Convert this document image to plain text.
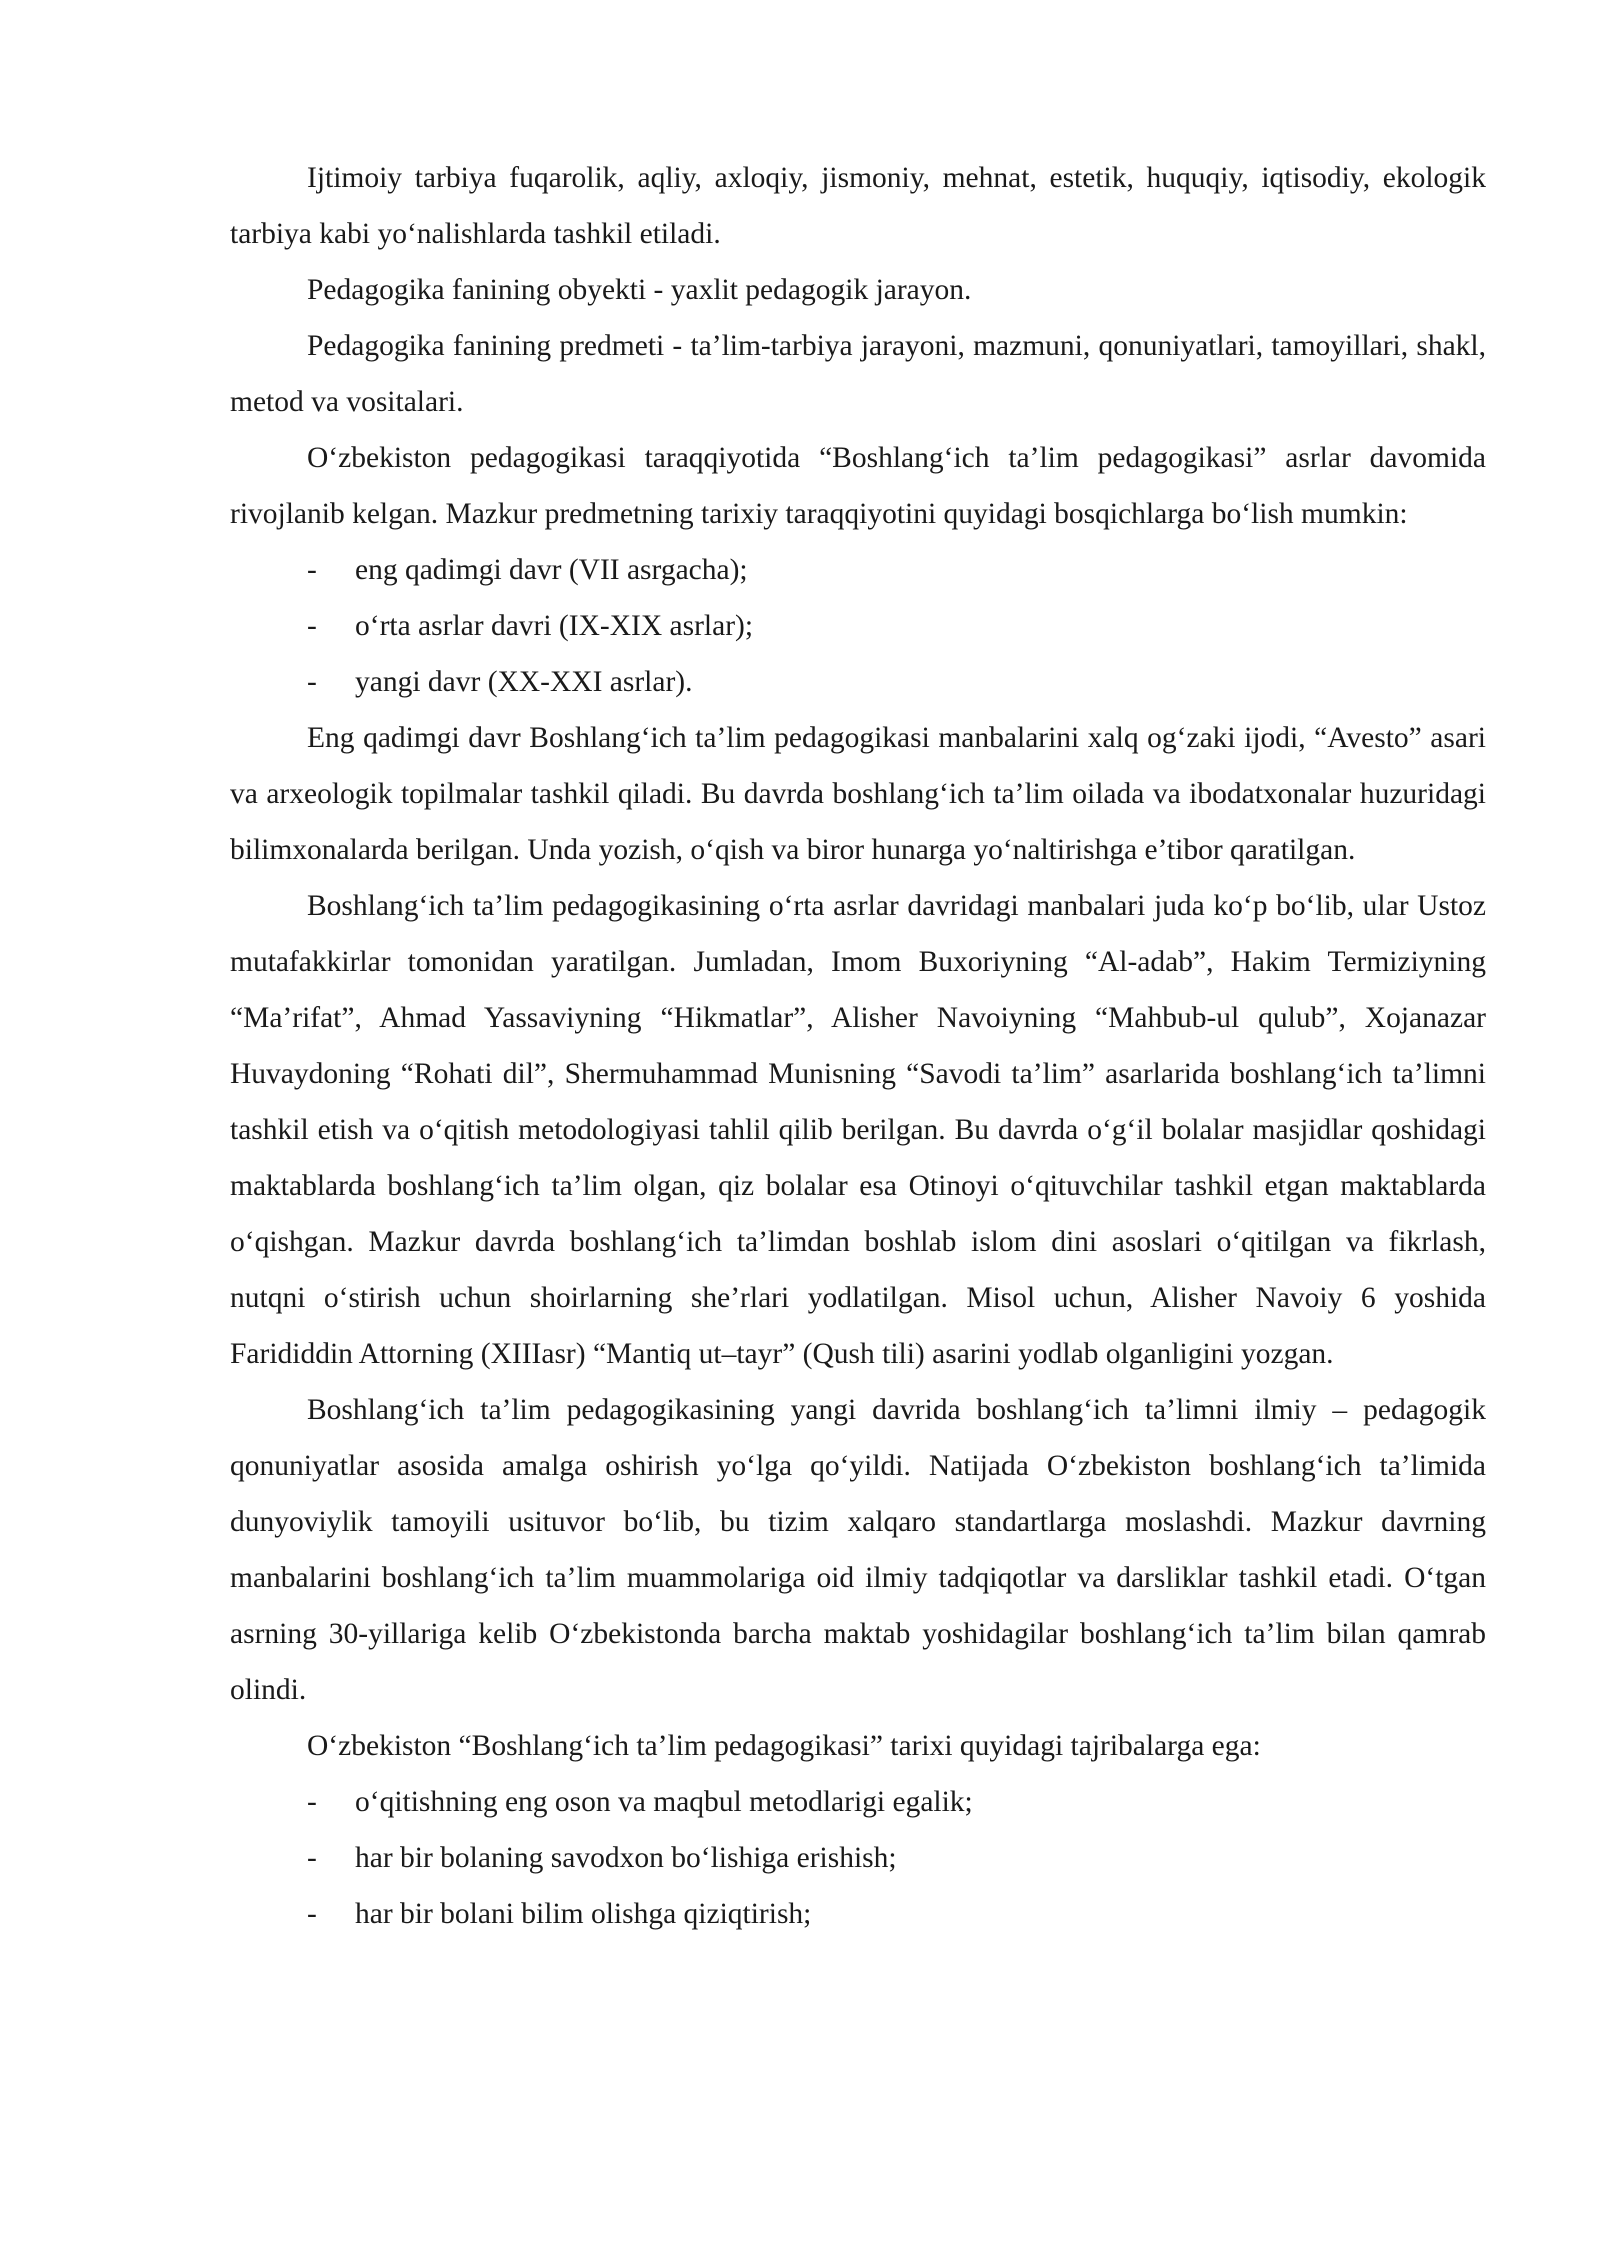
Ijtimoiy tarbiya fuqarolik, aqliy, axloqiy, jismoniy, mehnat, estetik, huquqiy, iqtisodiy, ekologik tarbiya kabi yo‘nalishlarda tashkil etiladi.

Pedagogika fanining obyekti - yaxlit pedagogik jarayon.

Pedagogika fanining predmeti - ta’lim-tarbiya jarayoni, mazmuni, qonuniyatlari, tamoyillari, shakl, metod va vositalari.

O‘zbekiston pedagogikasi taraqqiyotida “Boshlang‘ich ta’lim pedagogikasi” asrlar davomida rivojlanib kelgan. Mazkur predmetning tarixiy taraqqiyotini quyidagi bosqichlarga bo‘lish mumkin:

- eng qadimgi davr (VII asrgacha);
- o‘rta asrlar davri (IX-XIX asrlar);
- yangi davr (XX-XXI asrlar).

Eng qadimgi davr Boshlang‘ich ta’lim pedagogikasi manbalarini xalq og‘zaki ijodi, “Avesto” asari va arxeologik topilmalar tashkil qiladi. Bu davrda boshlang‘ich ta’lim oilada va ibodatxonalar huzuridagi bilimxonalarda berilgan. Unda yozish, o‘qish va biror hunarga yo‘naltirishga e’tibor qaratilgan.

Boshlang‘ich ta’lim pedagogikasining o‘rta asrlar davridagi manbalari juda ko‘p bo‘lib, ular Ustoz mutafakkirlar tomonidan yaratilgan. Jumladan, Imom Buxoriyning “Al-adab”, Hakim Termiziyning “Ma’rifat”, Ahmad Yassaviyning “Hikmatlar”, Alisher Navoiyning “Mahbub-ul qulub”, Xojanazar Huvaydoning “Rohati dil”, Shermuhammad Munisning “Savodi ta’lim” asarlarida boshlang‘ich ta’limni tashkil etish va o‘qitish metodologiyasi tahlil qilib berilgan. Bu davrda o‘g‘il bolalar masjidlar qoshidagi maktablarda boshlang‘ich ta’lim olgan, qiz bolalar esa Otinoyi o‘qituvchilar tashkil etgan maktablarda o‘qishgan. Mazkur davrda boshlang‘ich ta’limdan boshlab islom dini asoslari o‘qitilgan va fikrlash, nutqni o‘stirish uchun shoirlarning she’rlari yodlatilgan. Misol uchun, Alisher Navoiy 6 yoshida Farididdin Attorning (XIIIasr) “Mantiq ut–tayr” (Qush tili) asarini yodlab olganligini yozgan.

Boshlang‘ich ta’lim pedagogikasining yangi davrida boshlang‘ich ta’limni ilmiy – pedagogik qonuniyatlar asosida amalga oshirish yo‘lga qo‘yildi. Natijada O‘zbekiston boshlang‘ich ta’limida dunyoviylik tamoyili usituvor bo‘lib, bu tizim xalqaro standartlarga moslashdi. Mazkur davrning manbalarini boshlang‘ich ta’lim muammolariga oid ilmiy tadqiqotlar va darsliklar tashkil etadi. O‘tgan asrning 30-yillariga kelib O‘zbekistonda barcha maktab yoshidagilar boshlang‘ich ta’lim bilan qamrab olindi.

O‘zbekiston “Boshlang‘ich ta’lim pedagogikasi” tarixi quyidagi tajribalarga ega:

- o‘qitishning eng oson va maqbul metodlarigi egalik;
- har bir bolaning savodxon bo‘lishiga erishish;
- har bir bolani bilim olishga qiziqtirish;
